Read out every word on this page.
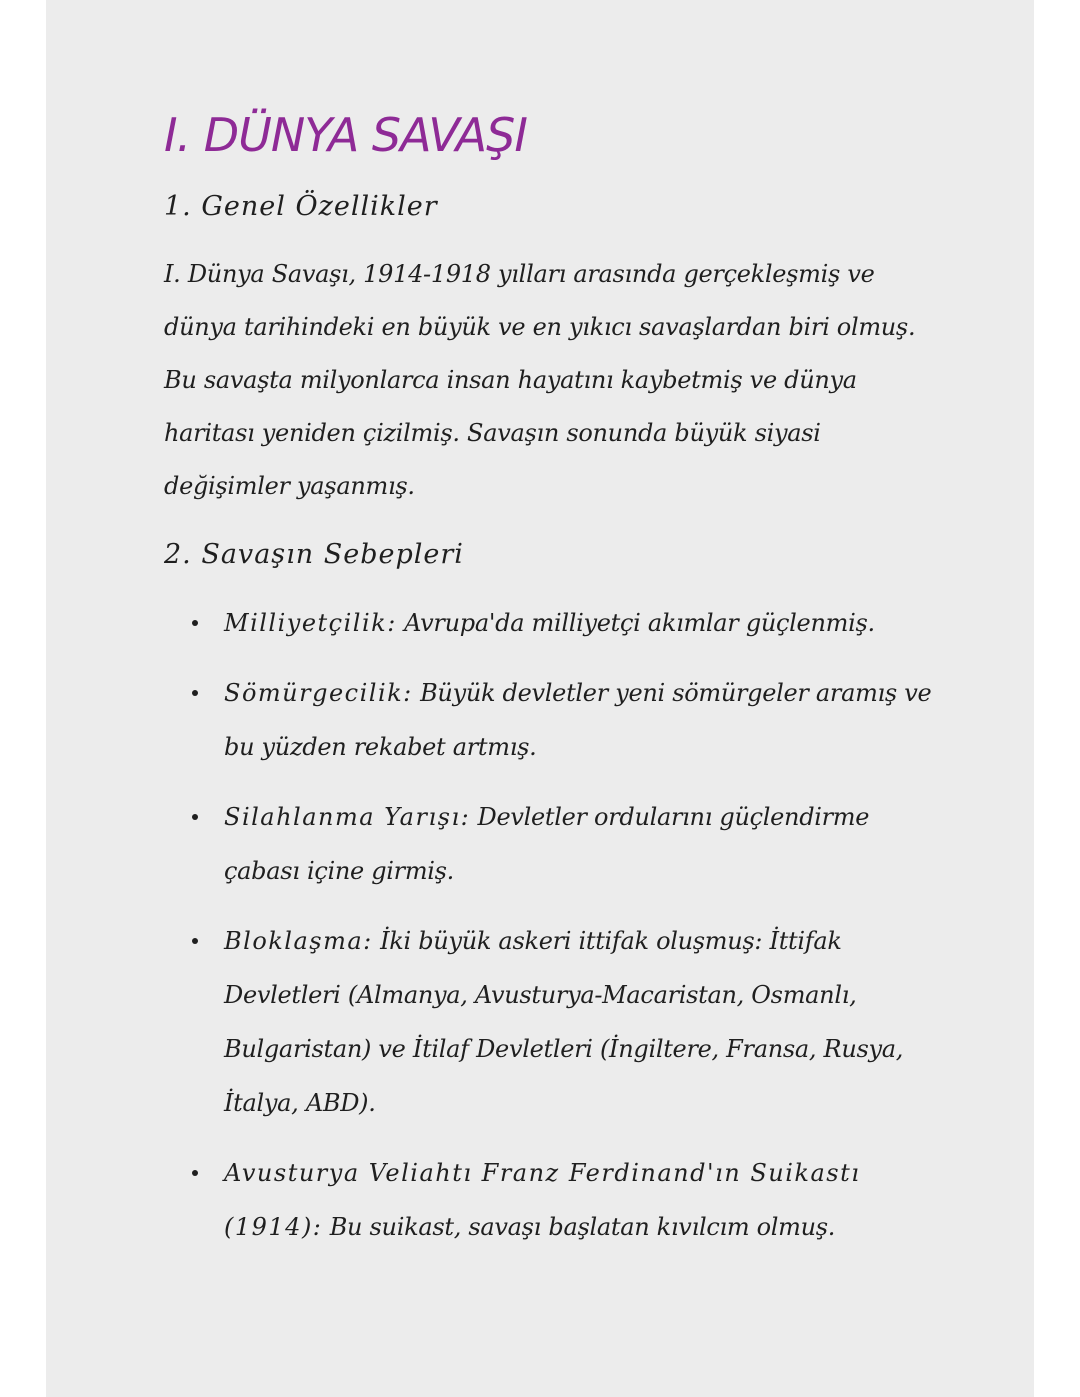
I. DÜNYA SAVAŞI
1. Genel Özellikler

I. Dünya Savaşı, 1914-1918 yılları arasında gerçekleşmiş ve dünya tarihindeki en büyük ve en yıkıcı savaşlardan biri olmuş. Bu savaşta milyonlarca insan hayatını kaybetmiş ve dünya haritası yeniden çizilmiş. Savaşın sonunda büyük siyasi değişimler yaşanmış.

2. Savaşın Sebepleri
Milliyetçilik: Avrupa'da milliyetçi akımlar güçlenmiş.
Sömürgecilik: Büyük devletler yeni sömürgeler aramış ve bu yüzden rekabet artmış.
Silahlanma Yarışı: Devletler ordularını güçlendirme çabası içine girmiş.
Bloklaşma: İki büyük askeri ittifak oluşmuş: İttifak Devletleri (Almanya, Avusturya-Macaristan, Osmanlı, Bulgaristan) ve İtilaf Devletleri (İngiltere, Fransa, Rusya, İtalya, ABD).
Avusturya Veliahtı Franz Ferdinand'ın Suikastı (1914): Bu suikast, savaşı başlatan kıvılcım olmuş.
